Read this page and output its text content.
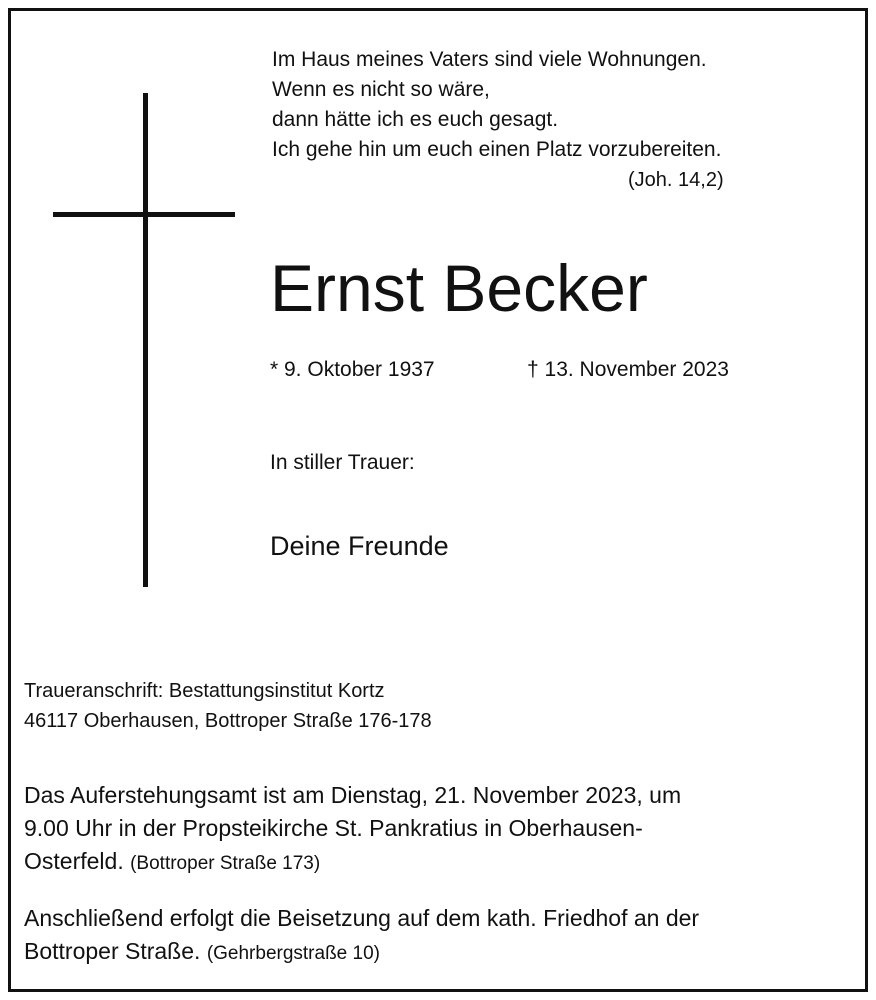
Im Haus meines Vaters sind viele Wohnungen.
Wenn es nicht so wäre,
dann hätte ich es euch gesagt.
Ich gehe hin um euch einen Platz vorzubereiten.
(Joh. 14,2)
Ernst Becker
* 9. Oktober 1937	† 13. November 2023
In stiller Trauer:
Deine Freunde
Traueranschrift: Bestattungsinstitut Kortz
46117 Oberhausen, Bottroper Straße 176-178
Das Auferstehungsamt ist am Dienstag, 21. November 2023, um
9.00 Uhr in der Propsteikirche St. Pankratius in Oberhausen-
Osterfeld. (Bottroper Straße 173)
Anschließend erfolgt die Beisetzung auf dem kath. Friedhof an der
Bottroper Straße. (Gehrbergstraße 10)
